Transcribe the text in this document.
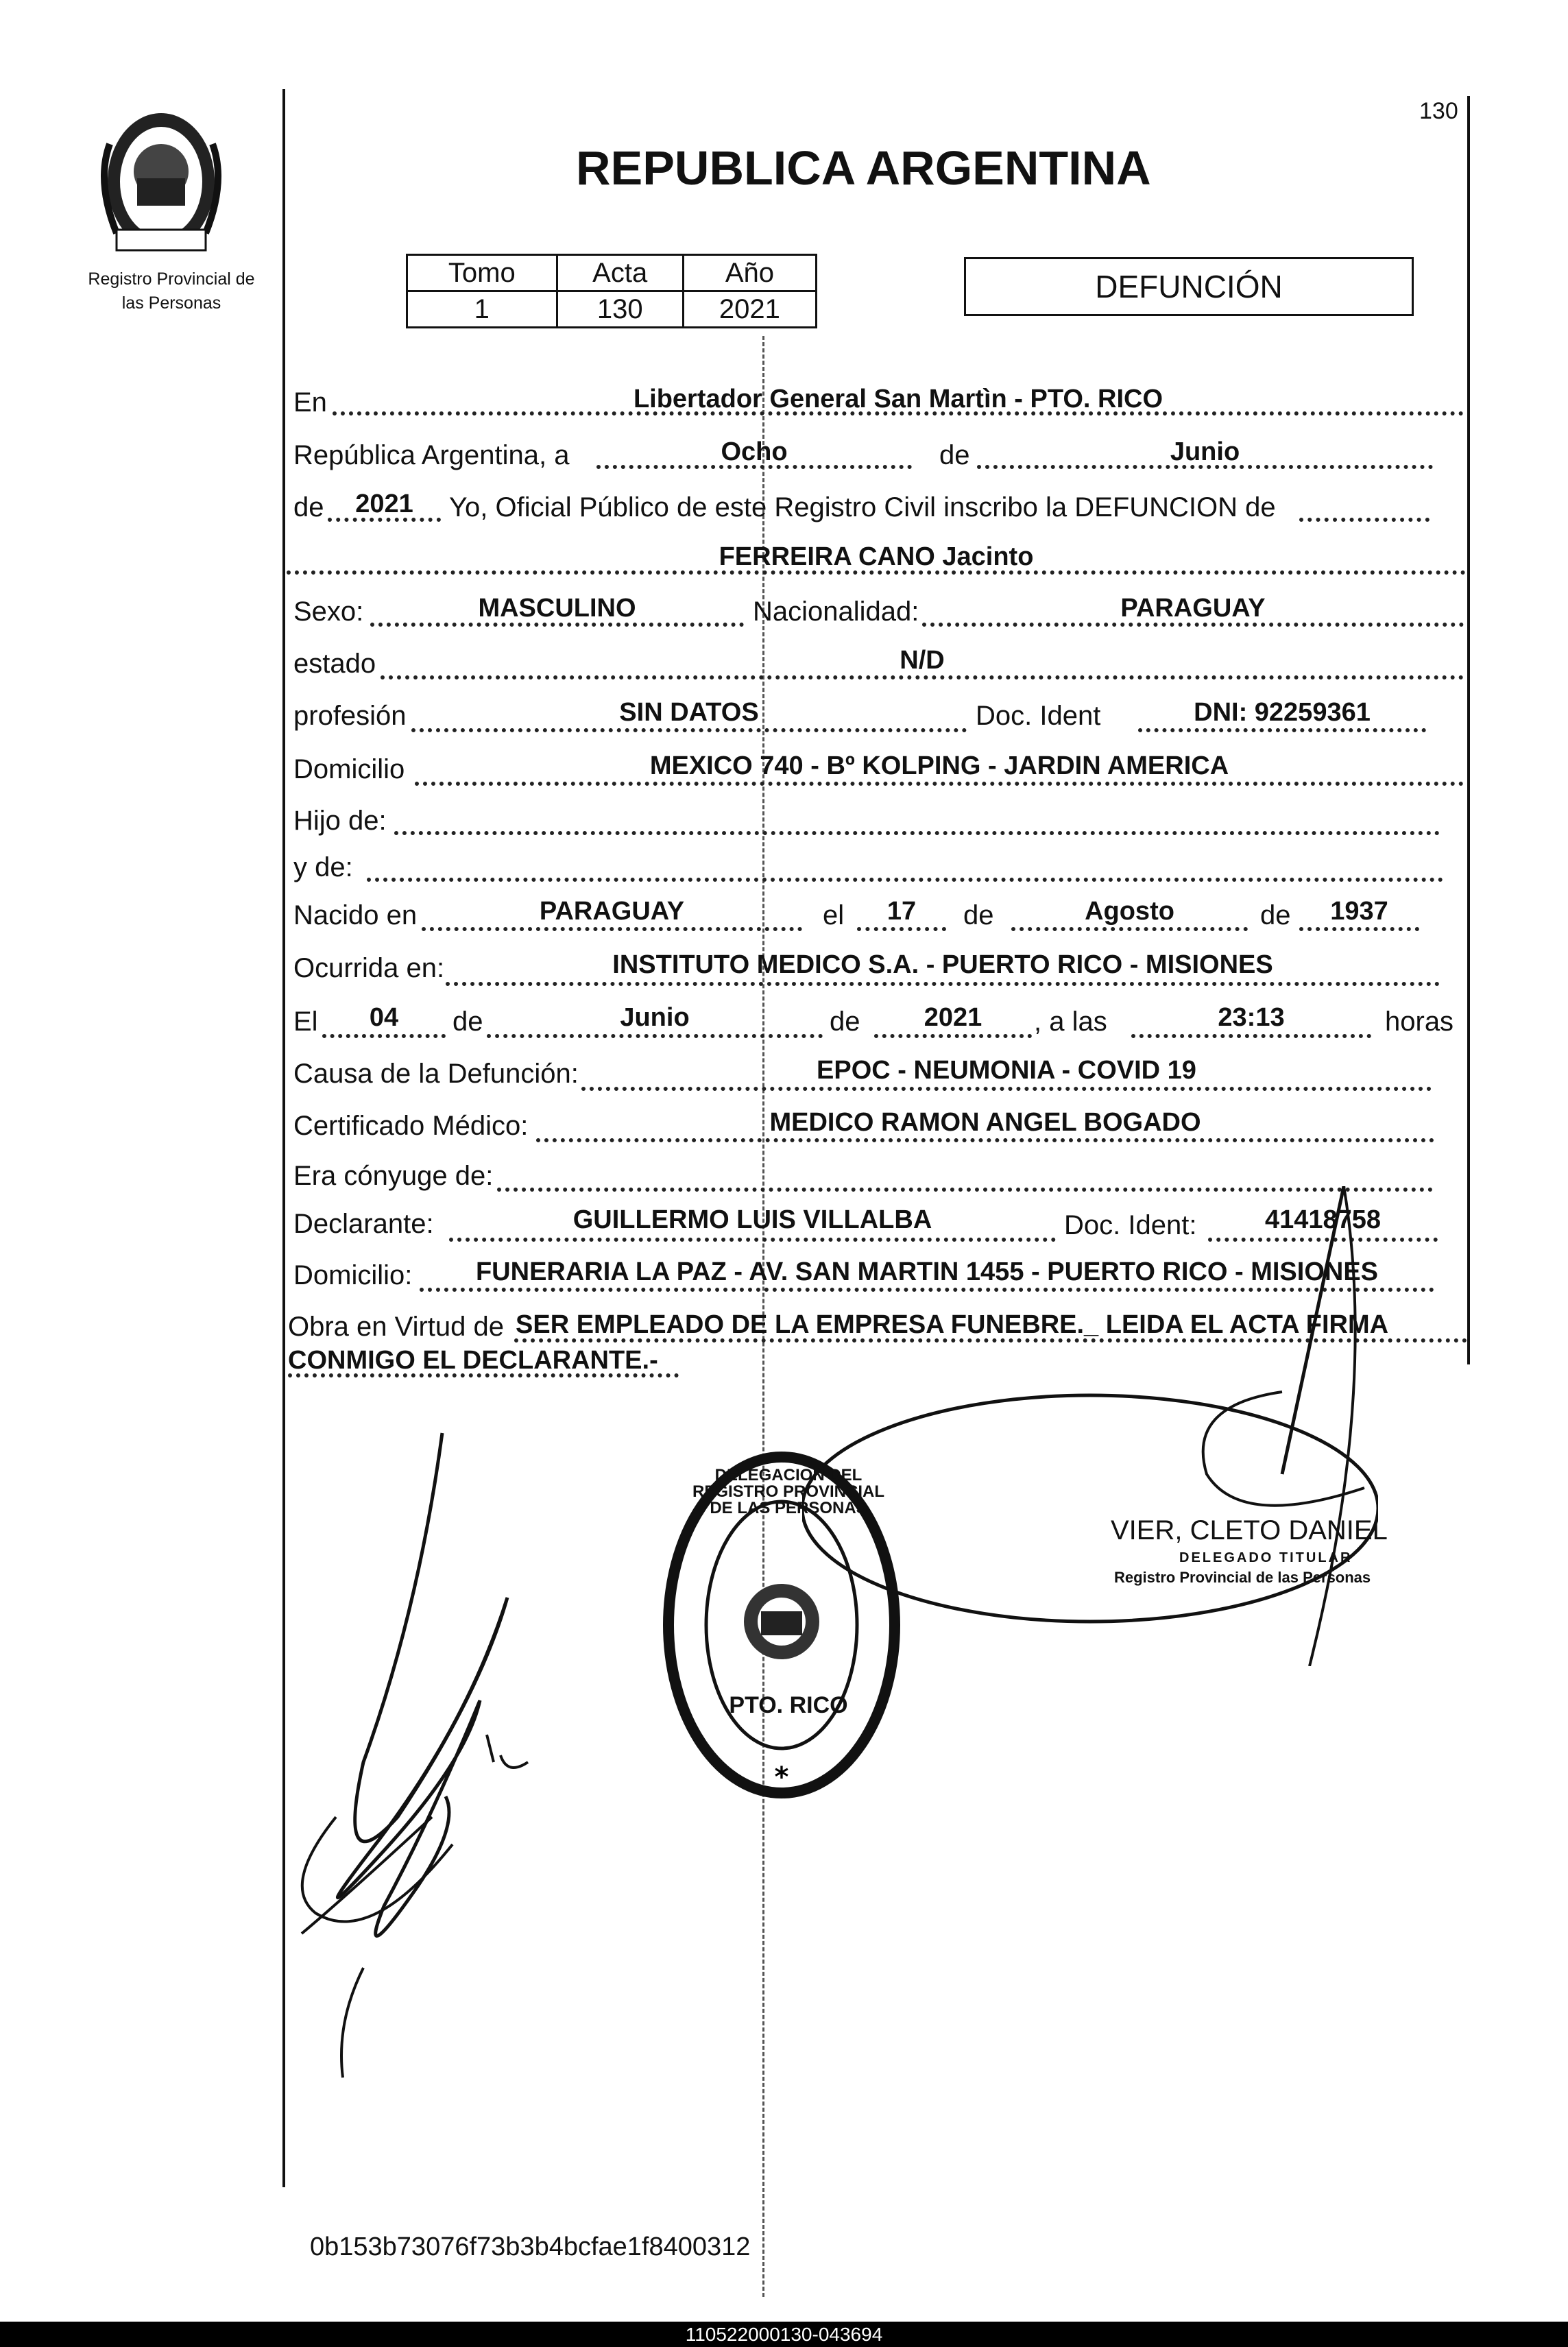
Registro Provincial de
las Personas
130
REPUBLICA ARGENTINA
Tomo	Acta	Año
1	130	2021
DEFUNCIÓN
En	Libertador General San Martìn - PTO. RICO
República Argentina, a	Ocho	de	Junio
de	2021	Yo, Oficial Público de este Registro Civil inscribo la DEFUNCION de
FERREIRA CANO Jacinto
Sexo:	MASCULINO	Nacionalidad:	PARAGUAY
estado	N/D
profesión	SIN DATOS	Doc. Ident	DNI: 92259361
Domicilio	MEXICO 740 - Bº KOLPING - JARDIN AMERICA
Hijo de:
y de:
Nacido en	PARAGUAY	el	17	de	Agosto	de	1937
Ocurrida en:	INSTITUTO MEDICO S.A. - PUERTO RICO - MISIONES
El	04	de	Junio	de	2021	, a las	23:13	horas
Causa de la Defunción:	EPOC - NEUMONIA - COVID 19
Certificado Médico:	MEDICO RAMON ANGEL BOGADO
Era cónyuge de:
Declarante:	GUILLERMO LUIS VILLALBA	Doc. Ident:	41418758
Domicilio:	FUNERARIA LA PAZ - AV. SAN MARTIN 1455 - PUERTO RICO - MISIONES
Obra en Virtud de SER EMPLEADO DE LA EMPRESA FUNEBRE._ LEIDA EL ACTA FIRMA
CONMIGO EL DECLARANTE.-
*
DELEGACION DEL REGISTRO PROVINCIAL DE LAS PERSONAS
PTO. RICO
VIER, CLETO DANIEL
DELEGADO TITULAR
Registro Provincial de las Personas
0b153b73076f73b3b4bcfae1f8400312
110522000130-043694
